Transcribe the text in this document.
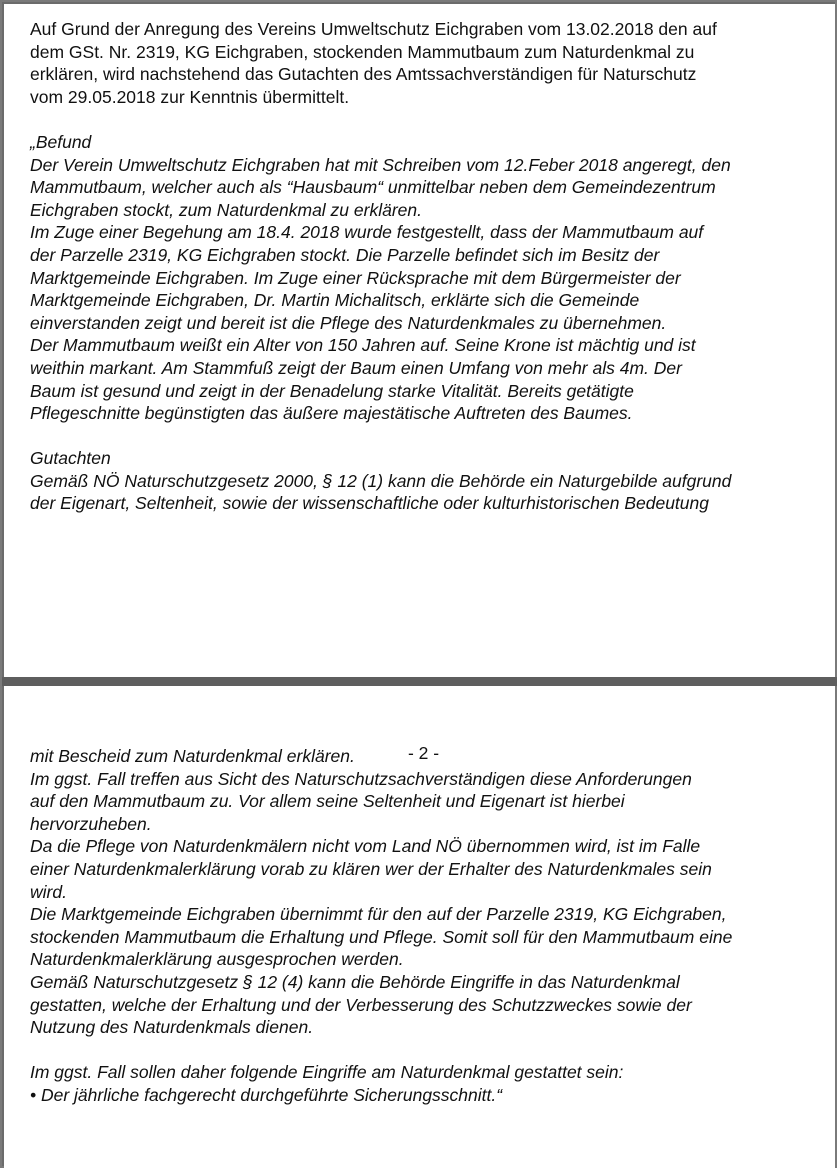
Auf Grund der Anregung des Vereins Umweltschutz Eichgraben vom 13.02.2018 den auf
dem GSt. Nr. 2319, KG Eichgraben, stockenden Mammutbaum zum Naturdenkmal zu
erklären, wird nachstehend das Gutachten des Amtssachverständigen für Naturschutz
vom 29.05.2018 zur Kenntnis übermittelt.
„Befund
Der Verein Umweltschutz Eichgraben hat mit Schreiben vom 12.Feber 2018 angeregt, den
Mammutbaum, welcher auch als “Hausbaum“ unmittelbar neben dem Gemeindezentrum
Eichgraben stockt, zum Naturdenkmal zu erklären.
Im Zuge einer Begehung am 18.4. 2018 wurde festgestellt, dass der Mammutbaum auf
der Parzelle 2319, KG Eichgraben stockt. Die Parzelle befindet sich im Besitz der
Marktgemeinde Eichgraben. Im Zuge einer Rücksprache mit dem Bürgermeister der
Marktgemeinde Eichgraben, Dr. Martin Michalitsch, erklärte sich die Gemeinde
einverstanden zeigt und bereit ist die Pflege des Naturdenkmales zu übernehmen.
Der Mammutbaum weißt ein Alter von 150 Jahren auf. Seine Krone ist mächtig und ist
weithin markant. Am Stammfuß zeigt der Baum einen Umfang von mehr als 4m. Der
Baum ist gesund und zeigt in der Benadelung starke Vitalität. Bereits getätigte
Pflegeschnitte begünstigten das äußere majestätische Auftreten des Baumes.
Gutachten
Gemäß NÖ Naturschutzgesetz 2000, § 12 (1) kann die Behörde ein Naturgebilde aufgrund
der Eigenart, Seltenheit, sowie der wissenschaftliche oder kulturhistorischen Bedeutung
- 2 -
mit Bescheid zum Naturdenkmal erklären.
Im ggst. Fall treffen aus Sicht des Naturschutzsachverständigen diese Anforderungen
auf den Mammutbaum zu. Vor allem seine Seltenheit und Eigenart ist hierbei
hervorzuheben.
Da die Pflege von Naturdenkmälern nicht vom Land NÖ übernommen wird, ist im Falle
einer Naturdenkmalerklärung vorab zu klären wer der Erhalter des Naturdenkmales sein
wird.
Die Marktgemeinde Eichgraben übernimmt für den auf der Parzelle 2319, KG Eichgraben,
stockenden Mammutbaum die Erhaltung und Pflege. Somit soll für den Mammutbaum eine
Naturdenkmalerklärung ausgesprochen werden.
Gemäß Naturschutzgesetz § 12 (4) kann die Behörde Eingriffe in das Naturdenkmal
gestatten, welche der Erhaltung und der Verbesserung des Schutzzweckes sowie der
Nutzung des Naturdenkmals dienen.
Im ggst. Fall sollen daher folgende Eingriffe am Naturdenkmal gestattet sein:
• Der jährliche fachgerecht durchgeführte Sicherungsschnitt.“
